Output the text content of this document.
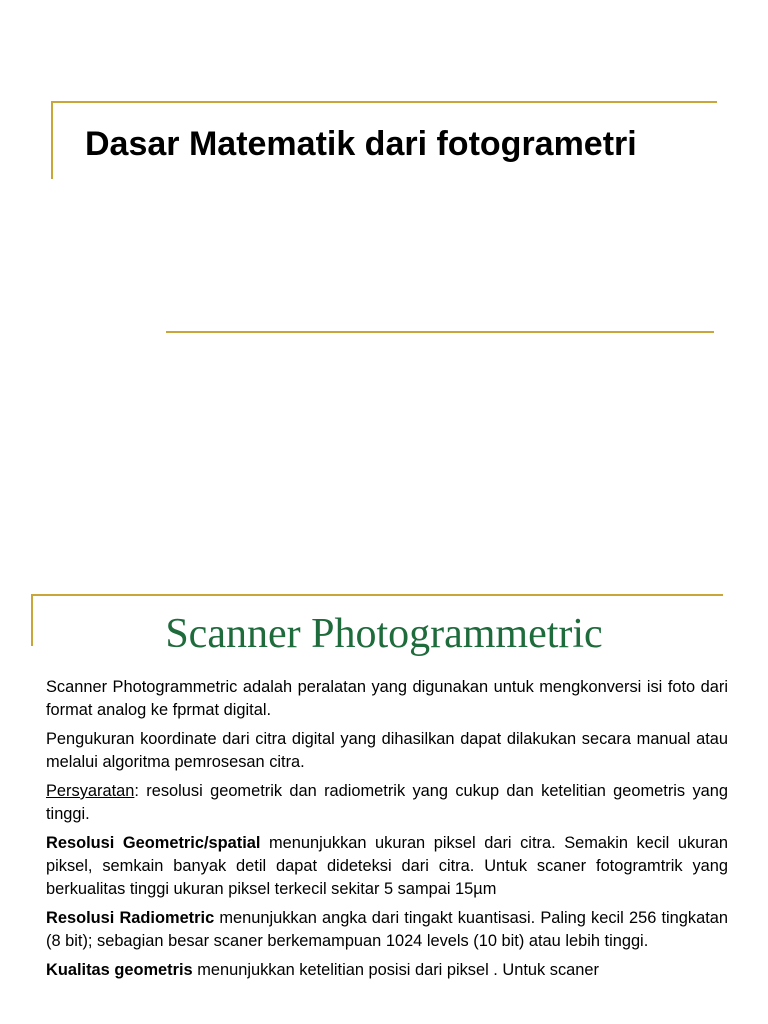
Dasar Matematik dari fotogrametri
Scanner Photogrammetric

Scanner Photogrammetric adalah peralatan yang digunakan untuk mengkonversi isi foto dari format analog ke fprmat digital.

Pengukuran koordinate dari citra digital yang dihasilkan dapat dilakukan secara manual atau melalui algoritma pemrosesan citra.

Persyaratan: resolusi geometrik dan radiometrik yang cukup dan ketelitian geometris yang tinggi.

Resolusi Geometric/spatial menunjukkan ukuran piksel dari citra. Semakin kecil ukuran piksel, semkain banyak detil dapat dideteksi dari citra. Untuk scaner fotogramtrik yang berkualitas tinggi ukuran piksel terkecil sekitar 5 sampai 15µm

Resolusi Radiometric menunjukkan angka dari tingakt kuantisasi. Paling kecil 256 tingkatan (8 bit); sebagian besar scaner berkemampuan 1024 levels (10 bit) atau lebih tinggi.

Kualitas geometris menunjukkan ketelitian posisi dari piksel . Untuk scaner
